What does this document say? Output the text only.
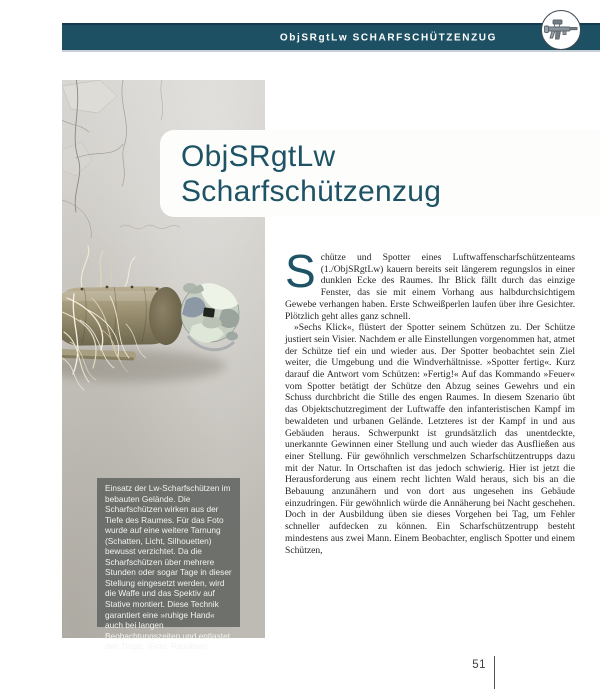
ObjSRgtLw SCHARFSCHÜTZENZUG
ObjSRgtLw
Scharfschützenzug
Einsatz der Lw-Scharfschützen im bebauten Gelände. Die Scharfschützen wirken aus der Tiefe des Raumes. Für das Foto wurde auf eine weitere Tarnung (Schatten, Licht, Silhouetten) bewusst verzichtet. Da die Scharfschützen über mehrere Stunden oder sogar Tage in dieser Stellung eingesetzt werden, wird die Waffe und das Spektiv auf Stative montiert. Diese Technik garantiert eine »ruhige Hand« auch bei langen Beobachtungszeiten und entlastet den Trupp. (Foto: Rastätter)

Schütze und Spotter eines Luftwaffenscharfschützenteams (1./ObjSRgtLw) kauern bereits seit längerem regungslos in einer dunklen Ecke des Raumes. Ihr Blick fällt durch das einzige Fenster, das sie mit einem Vorhang aus halbdurchsichtigem Gewebe verhangen haben. Erste Schweißperlen laufen über ihre Gesichter. Plötzlich geht alles ganz schnell.

»Sechs Klick«, flüstert der Spotter seinem Schützen zu. Der Schütze justiert sein Visier. Nachdem er alle Einstellungen vorgenommen hat, atmet der Schütze tief ein und wieder aus. Der Spotter beobachtet sein Ziel weiter, die Umgebung und die Windverhältnisse. »Spotter fertig«. Kurz darauf die Antwort vom Schützen: »Fertig!« Auf das Kommando »Feuer« vom Spotter betätigt der Schütze den Abzug seines Gewehrs und ein Schuss durchbricht die Stille des engen Raumes. In diesem Szenario übt das Objektschutzregiment der Luftwaffe den infanteristischen Kampf im bewaldeten und urbanen Gelände. Letzteres ist der Kampf in und aus Gebäuden heraus. Schwerpunkt ist grundsätzlich das unentdeckte, unerkannte Gewinnen einer Stellung und auch wieder das Ausfließen aus einer Stellung. Für gewöhnlich verschmelzen Scharfschützentrupps dazu mit der Natur. In Ortschaften ist das jedoch schwierig. Hier ist jetzt die Herausforderung aus einem recht lichten Wald heraus, sich bis an die Bebauung anzunähern und von dort aus ungesehen ins Gebäude einzudringen. Für gewöhnlich würde die Annäherung bei Nacht geschehen. Doch in der Ausbildung üben sie dieses Vorgehen bei Tag, um Fehler schneller aufdecken zu können. Ein Scharfschützentrupp besteht mindestens aus zwei Mann. Einem Beobachter, englisch Spotter und einem Schützen,

51
